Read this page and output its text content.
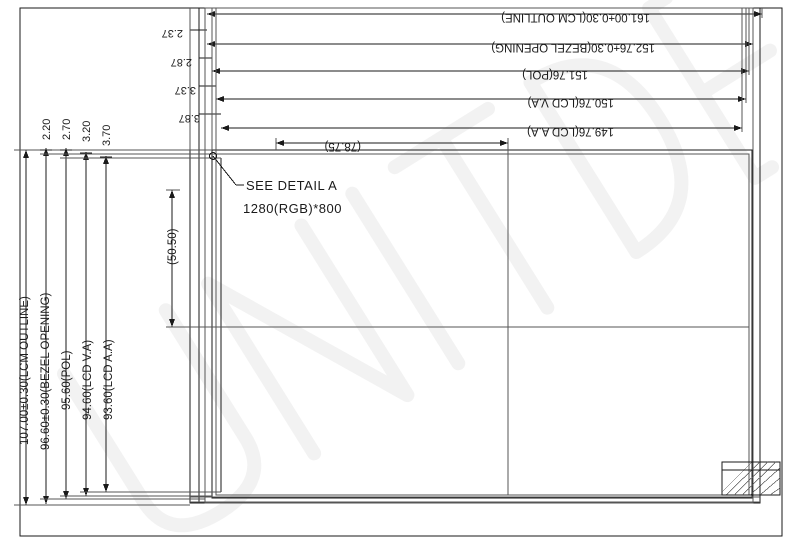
161.00±0.30(LCM OUTLINE)
152.76±0.30(BEZEL OPENING)
151.76(POL)
150.76(LCD V.A)
149.76(LCD A.A)
2.37
2.87
3.37
3.87
2.20 2.70 3.20 3.70
107.00±0.30(LCM OUTLINE) 96.60±0.30(BEZEL OPENING) 95.60(POL) 94.60(LCD V.A) 93.60(LCD A.A)
(78.75)
(50.50)
SEE DETAIL A
1280(RGB)*800
